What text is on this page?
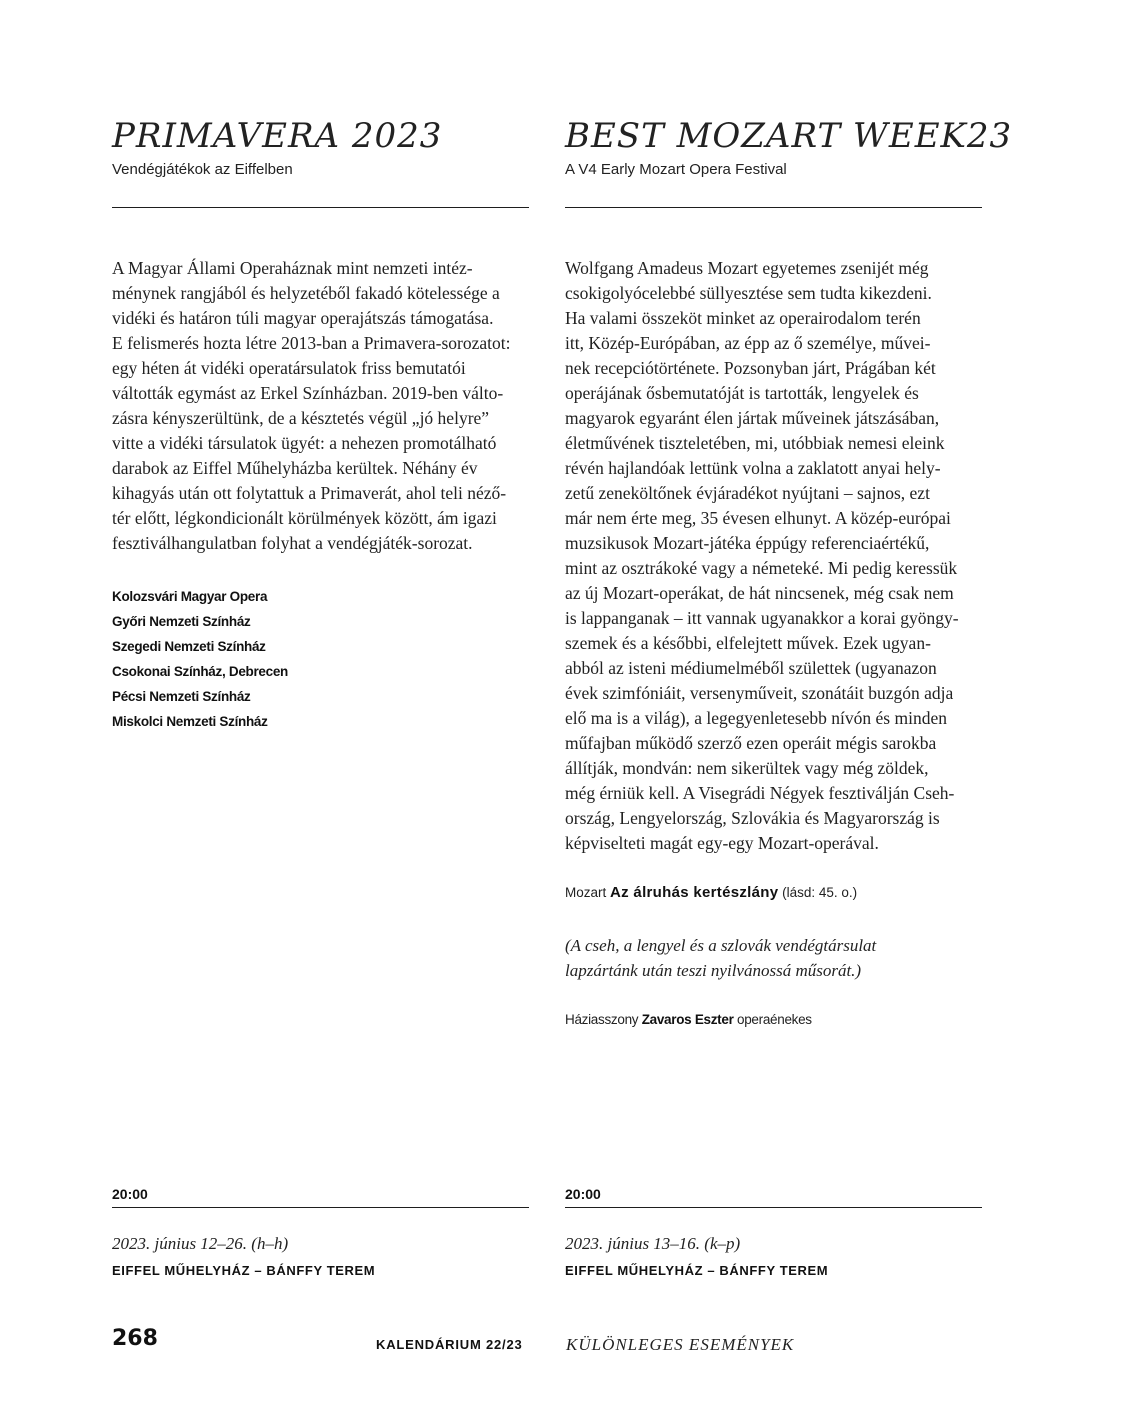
PRIMAVERA 2023
Vendégjátékok az Eiffelben
A Magyar Állami Operaháznak mint nemzeti intéz-
ménynek rangjából és helyzetéből fakadó kötelessége a
vidéki és határon túli magyar operajátszás támogatása.
E felismerés hozta létre 2013-ban a Primavera-sorozatot:
egy héten át vidéki operatársulatok friss bemutatói
váltották egymást az Erkel Színházban. 2019-ben válto-
zásra kényszerültünk, de a késztetés végül „jó helyre”
vitte a vidéki társulatok ügyét: a nehezen promotálható
darabok az Eiffel Műhelyházba kerültek. Néhány év
kihagyás után ott folytattuk a Primaverát, ahol teli néző-
tér előtt, légkondicionált körülmények között, ám igazi
fesztiválhangulatban folyhat a vendégjáték-sorozat.
Kolozsvári Magyar Opera
Győri Nemzeti Színház
Szegedi Nemzeti Színház
Csokonai Színház, Debrecen
Pécsi Nemzeti Színház
Miskolci Nemzeti Színház
20:00
2023. június 12–26. (h–h)
EIFFEL MŰHELYHÁZ – BÁNFFY TEREM
BEST MOZART WEEK23
A V4 Early Mozart Opera Festival
Wolfgang Amadeus Mozart egyetemes zsenijét még
csokigolyócelebbé süllyesztése sem tudta kikezdeni.
Ha valami összeköt minket az operairodalom terén
itt, Közép-Európában, az épp az ő személye, művei-
nek recepciótörténete. Pozsonyban járt, Prágában két
operájának ősbemutatóját is tartották, lengyelek és
magyarok egyaránt élen jártak műveinek játszásában,
életművének tiszteletében, mi, utóbbiak nemesi eleink
révén hajlandóak lettünk volna a zaklatott anyai hely-
zetű zeneköltőnek évjáradékot nyújtani – sajnos, ezt
már nem érte meg, 35 évesen elhunyt. A közép-európai
muzsikusok Mozart-játéka éppúgy referenciaértékű,
mint az osztrákoké vagy a németeké. Mi pedig keressük
az új Mozart-operákat, de hát nincsenek, még csak nem
is lappanganak – itt vannak ugyanakkor a korai gyöngy-
szemek és a későbbi, elfelejtett művek. Ezek ugyan-
abból az isteni médiumelméből születtek (ugyanazon
évek szimfóniáit, versenyműveit, szonátáit buzgón adja
elő ma is a világ), a legegyenletesebb nívón és minden
műfajban működő szerző ezen operáit mégis sarokba
állítják, mondván: nem sikerültek vagy még zöldek,
még érniük kell. A Visegrádi Négyek fesztiválján Cseh-
ország, Lengyelország, Szlovákia és Magyarország is
képviselteti magát egy-egy Mozart-operával.
Mozart Az álruhás kertészlány (lásd: 45. o.)
(A cseh, a lengyel és a szlovák vendégtársulat
lapzártánk után teszi nyilvánossá műsorát.)
Háziasszony Zavaros Eszter operaénekes
20:00
2023. június 13–16. (k–p)
EIFFEL MŰHELYHÁZ – BÁNFFY TEREM
268	KALENDÁRIUM 22/23	KÜLÖNLEGES ESEMÉNYEK
